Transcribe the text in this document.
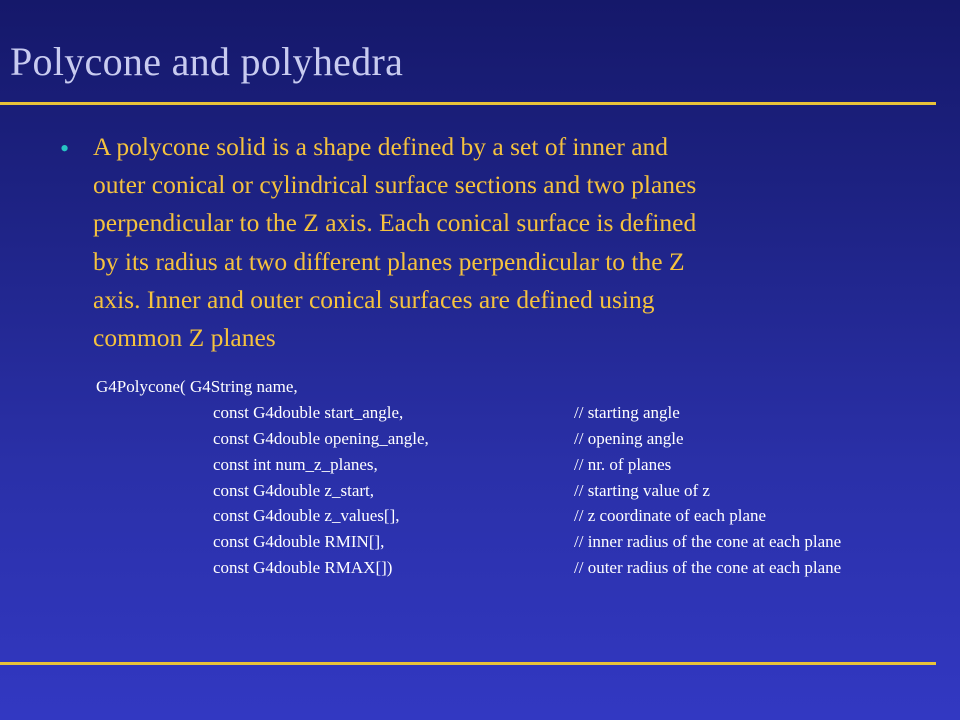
Polycone and polyhedra
• A polycone solid is a shape defined by a set of inner and
outer conical or cylindrical surface sections and two planes
perpendicular to the Z axis. Each conical surface is defined
by its radius at two different planes perpendicular to the Z
axis. Inner and outer conical surfaces are defined using
common Z planes
G4Polycone( G4String name,
const G4double start_angle,	// starting angle
const G4double opening_angle,	// opening angle
const int num_z_planes,	// nr. of planes
const G4double z_start,	// starting value of z
const G4double z_values[],	// z coordinate of each plane
const G4double RMIN[],	// inner radius of the cone at each plane
const G4double RMAX[])	// outer radius of the cone at each plane
